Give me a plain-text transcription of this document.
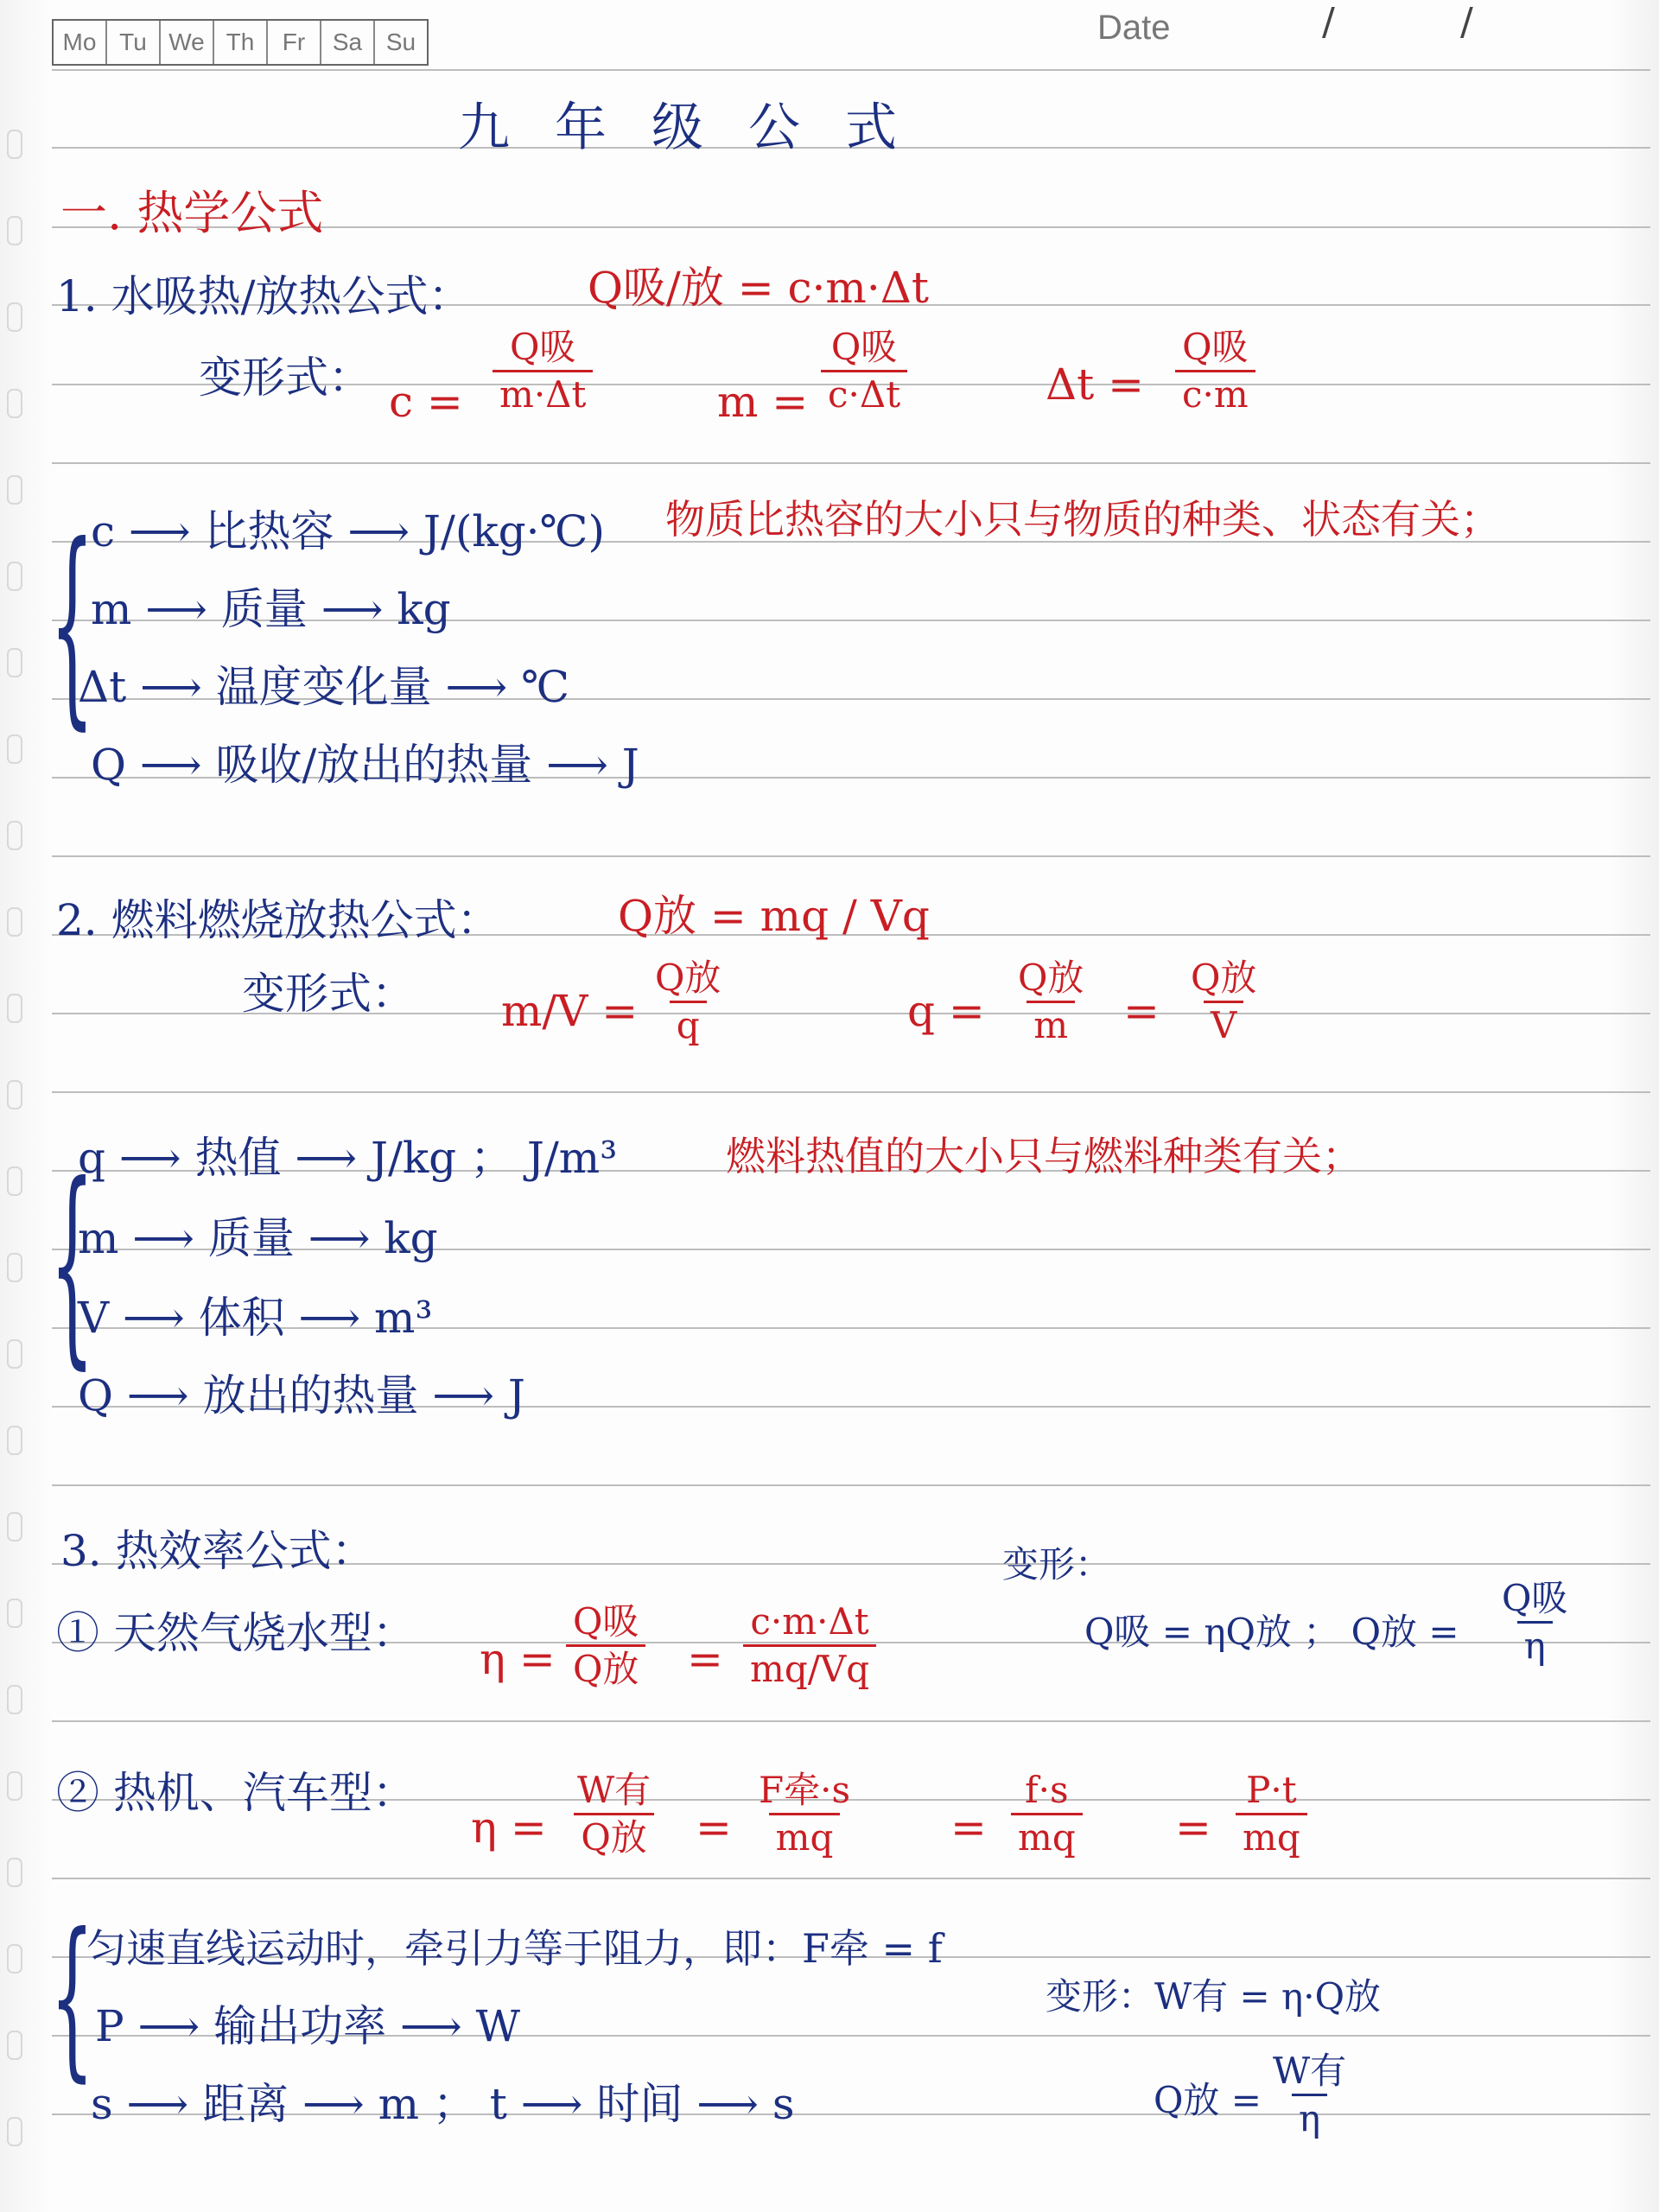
Mo Tu We Th	Fr	Sa Su	Date	/	/
九年级公式
一. 热学公式
1. 水吸热/放热公式：	Q吸/放 = c·m·Δt
变形式： c =
Q吸
m·Δt	m =
Q吸
c·Δt	Δt =
Q吸
c·m
{
c ⟶ 比热容 ⟶ J/(kg·℃) 物质比热容的大小只与物质的种类、状态有关；
m ⟶ 质量 ⟶ kg
Δt ⟶ 温度变化量 ⟶ ℃
Q ⟶ 吸收/放出的热量 ⟶ J
2. 燃料燃烧放热公式：	Q放 = mq / Vq
变形式： m/V =
Q放
q	q =
Q放
m =
Q放
V
{
q ⟶ 热值 ⟶ J/kg ； J/m³	燃料热值的大小只与燃料种类有关；
m ⟶ 质量 ⟶ kg
V ⟶ 体积 ⟶ m³
Q ⟶ 放出的热量 ⟶ J
3. 热效率公式：	变形：
① 天然气烧水型：
η =
Q吸
Q放 = $\frac{c\cdot m\cdot\Delta t}{mq/Vq}$	Q吸 = ηQ放 ； Q放 =
Q吸
η
② 热机、汽车型：
η =
W有
Q放 =
F牵·s
mq	= $\frac{f\cdot s}{mq} = \frac{P\cdot t}{mq}$
{
匀速直线运动时，牵引力等于阻力，即：F牵 = f
P ⟶ 输出功率 ⟶ W
s ⟶ 距离 ⟶ m ； t ⟶ 时间 ⟶ s
变形：W有 = η·Q放
Q放 =
W有
η
